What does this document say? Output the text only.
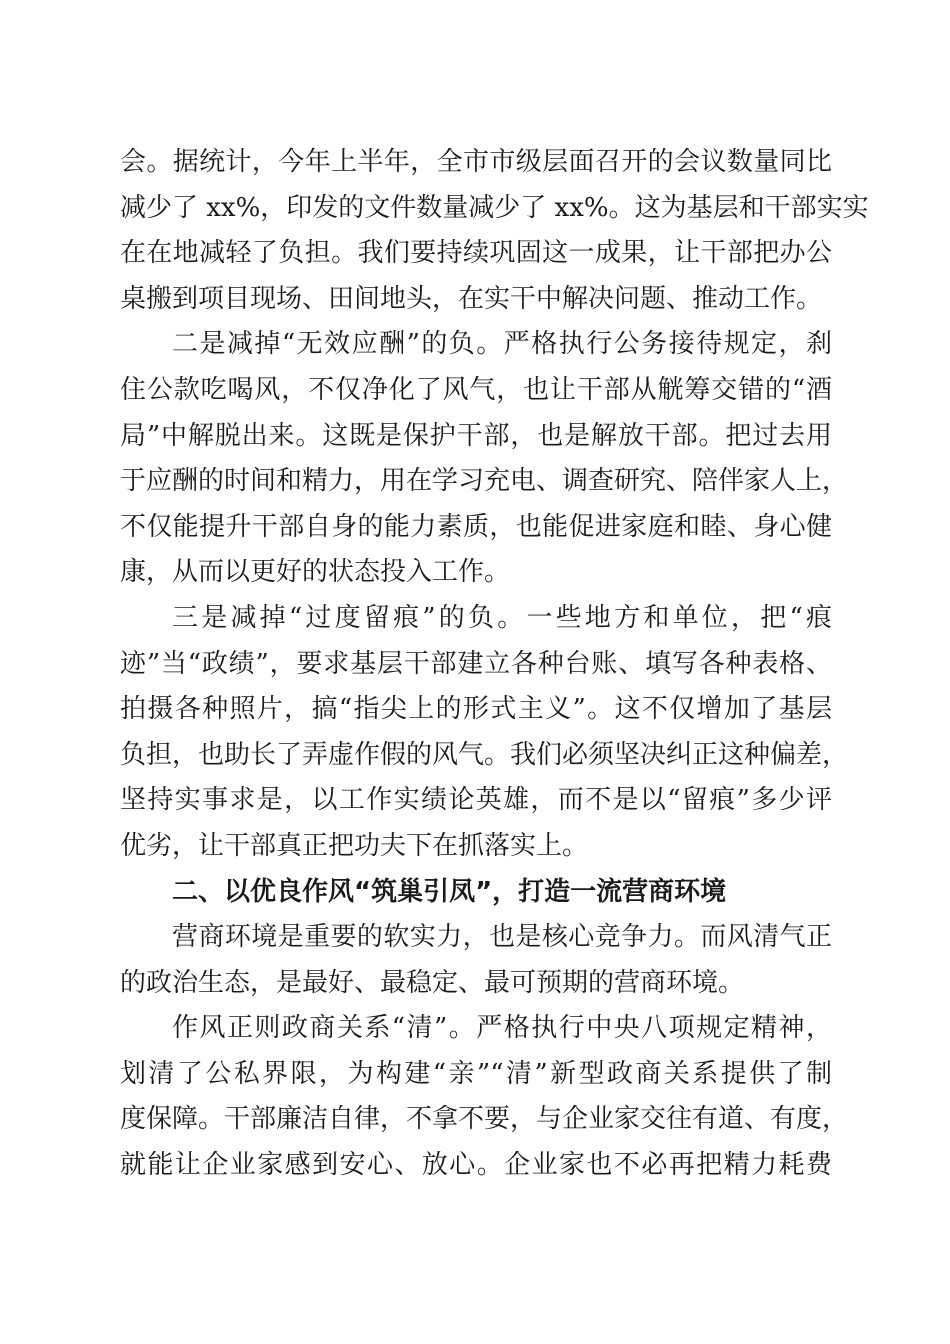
会。据统计，今年上半年，全市市级层面召开的会议数量同比
减少了 xx%，印发的文件数量减少了 xx%。这为基层和干部实实
在在地减轻了负担。我们要持续巩固这一成果，让干部把办公
桌搬到项目现场、田间地头，在实干中解决问题、推动工作。
二是减掉“无效应酬”的负。严格执行公务接待规定，刹
住公款吃喝风，不仅净化了风气，也让干部从觥筹交错的“酒
局”中解脱出来。这既是保护干部，也是解放干部。把过去用
于应酬的时间和精力，用在学习充电、调查研究、陪伴家人上，
不仅能提升干部自身的能力素质，也能促进家庭和睦、身心健
康，从而以更好的状态投入工作。
三是减掉“过度留痕”的负。一些地方和单位，把“痕
迹”当“政绩”，要求基层干部建立各种台账、填写各种表格、
拍摄各种照片，搞“指尖上的形式主义”。这不仅增加了基层
负担，也助长了弄虚作假的风气。我们必须坚决纠正这种偏差，
坚持实事求是，以工作实绩论英雄，而不是以“留痕”多少评
优劣，让干部真正把功夫下在抓落实上。
二、以优良作风“筑巢引凤”，打造一流营商环境
营商环境是重要的软实力，也是核心竞争力。而风清气正
的政治生态，是最好、最稳定、最可预期的营商环境。
作风正则政商关系“清”。严格执行中央八项规定精神，
划清了公私界限，为构建“亲”“清”新型政商关系提供了制
度保障。干部廉洁自律，不拿不要，与企业家交往有道、有度，
就能让企业家感到安心、放心。企业家也不必再把精力耗费
